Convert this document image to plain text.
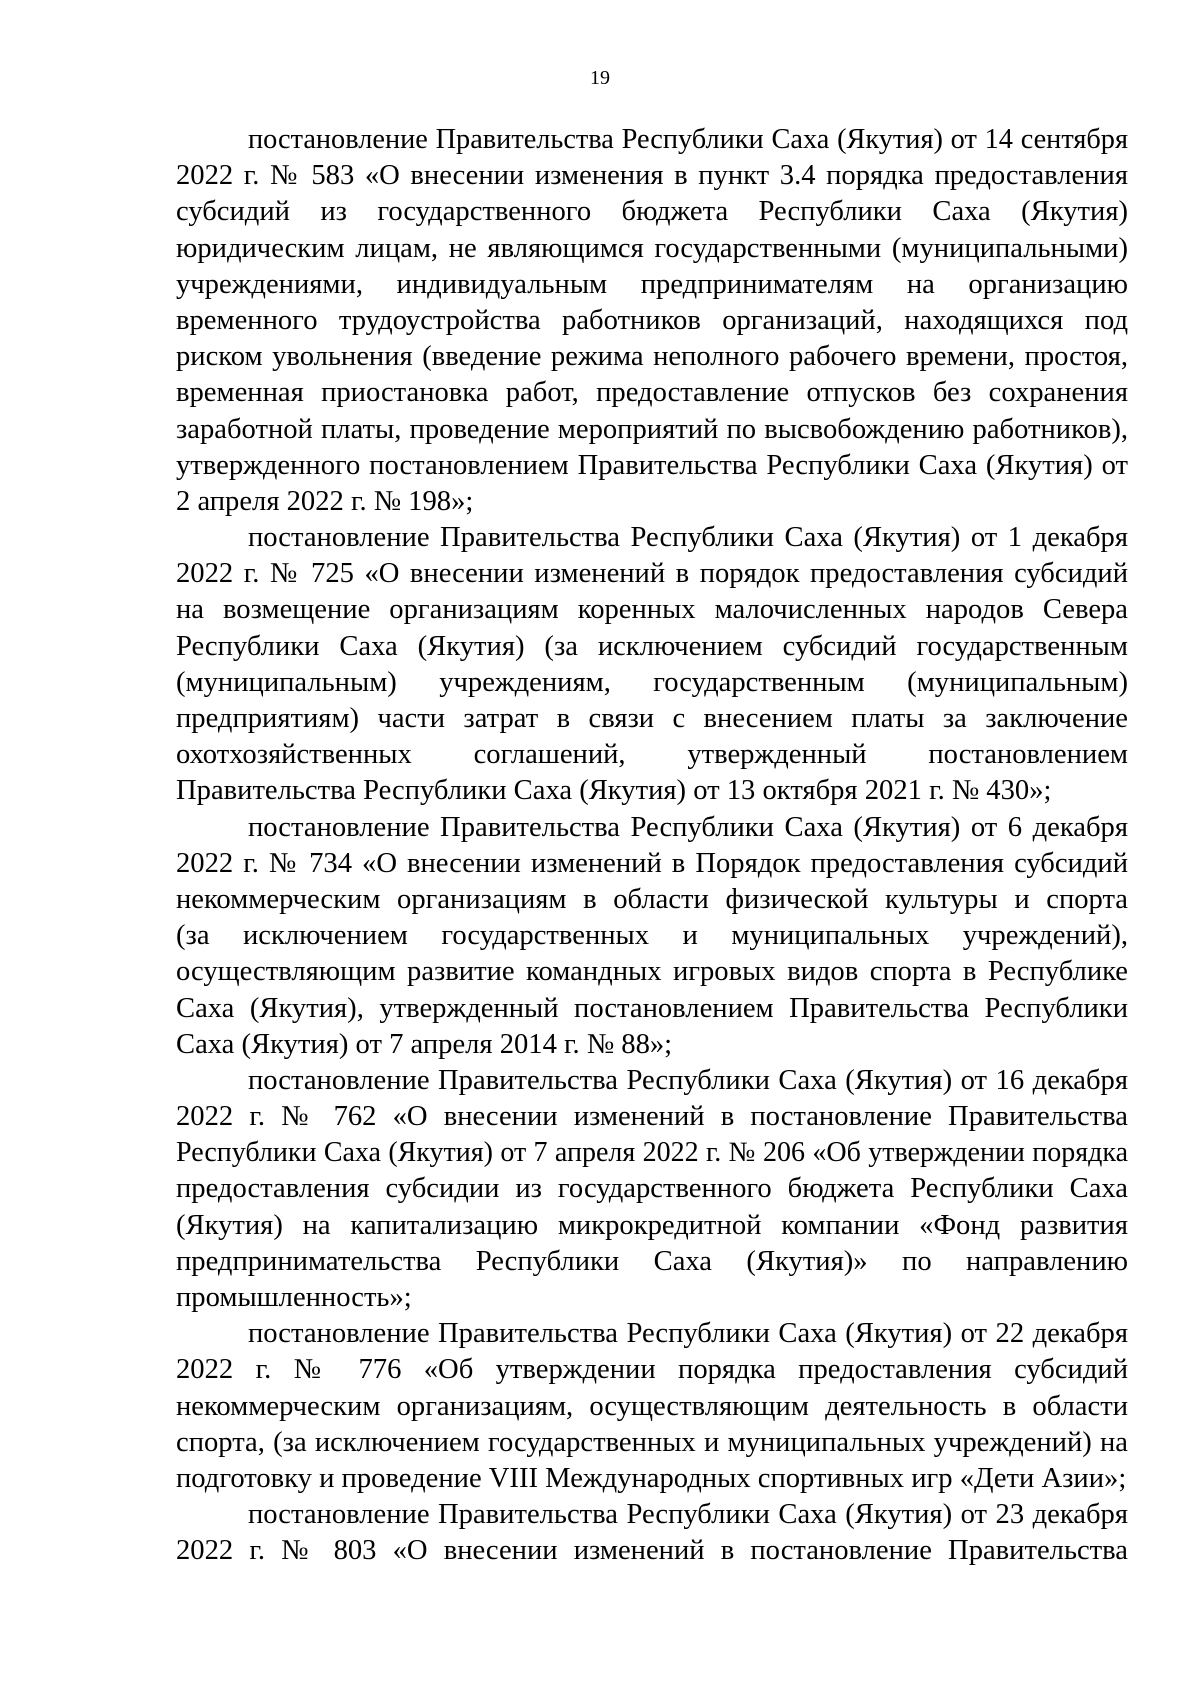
19
постановление Правительства Республики Саха (Якутия) от 14 сентября
2022 г. № 583 «О внесении изменения в пункт 3.4 порядка предоставления
субсидий из государственного бюджета Республики Саха (Якутия)
юридическим лицам, не являющимся государственными (муниципальными)
учреждениями, индивидуальным предпринимателям на организацию
временного трудоустройства работников организаций, находящихся под
риском увольнения (введение режима неполного рабочего времени, простоя,
временная приостановка работ, предоставление отпусков без сохранения
заработной платы, проведение мероприятий по высвобождению работников),
утвержденного постановлением Правительства Республики Саха (Якутия) от
2 апреля 2022 г. № 198»;
постановление Правительства Республики Саха (Якутия) от 1 декабря
2022 г. № 725 «О внесении изменений в порядок предоставления субсидий
на возмещение организациям коренных малочисленных народов Севера
Республики Саха (Якутия) (за исключением субсидий государственным
(муниципальным) учреждениям, государственным (муниципальным)
предприятиям) части затрат в связи с внесением платы за заключение
охотхозяйственных соглашений, утвержденный постановлением
Правительства Республики Саха (Якутия) от 13 октября 2021 г. № 430»;
постановление Правительства Республики Саха (Якутия) от 6 декабря
2022 г. № 734 «О внесении изменений в Порядок предоставления субсидий
некоммерческим организациям в области физической культуры и спорта
(за исключением государственных и муниципальных учреждений),
осуществляющим развитие командных игровых видов спорта в Республике
Саха (Якутия), утвержденный постановлением Правительства Республики
Саха (Якутия) от 7 апреля 2014 г. № 88»;
постановление Правительства Республики Саха (Якутия) от 16 декабря
2022 г. № 762 «О внесении изменений в постановление Правительства
Республики Саха (Якутия) от 7 апреля 2022 г. № 206 «Об утверждении порядка
предоставления субсидии из государственного бюджета Республики Саха
(Якутия) на капитализацию микрокредитной компании «Фонд развития
предпринимательства Республики Саха (Якутия)» по направлению
промышленность»;
постановление Правительства Республики Саха (Якутия) от 22 декабря
2022 г. № 776 «Об утверждении порядка предоставления субсидий
некоммерческим организациям, осуществляющим деятельность в области
спорта, (за исключением государственных и муниципальных учреждений) на
подготовку и проведение VIII Международных спортивных игр «Дети Азии»;
постановление Правительства Республики Саха (Якутия) от 23 декабря
2022 г. № 803 «О внесении изменений в постановление Правительства
